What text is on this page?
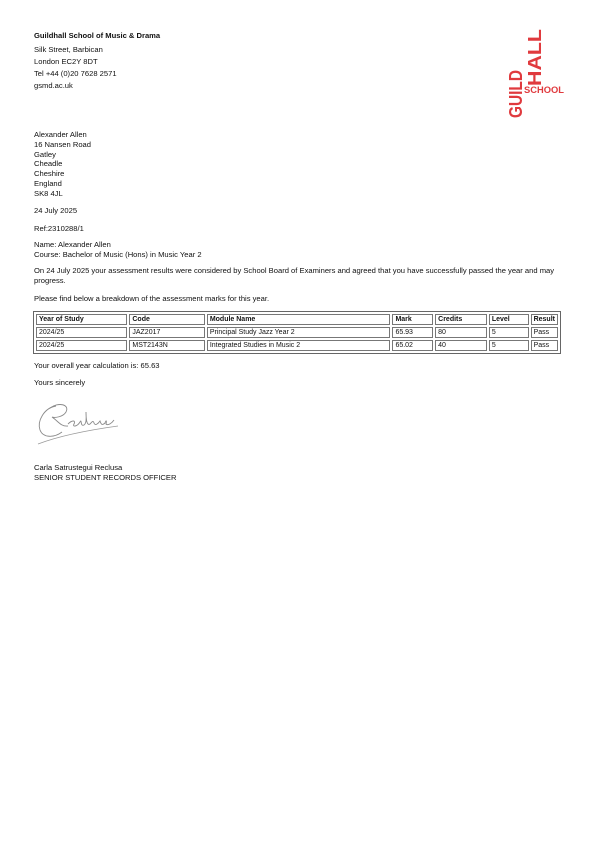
Guildhall School of Music & Drama
Silk Street, Barbican
London EC2Y 8DT
Tel +44 (0)20 7628 2571
gsmd.ac.uk	GUILD
HALL
SCHOOL
Alexander Allen
16 Nansen Road
Gatley
Cheadle
Cheshire
England
SK8 4JL
24 July 2025
Ref:2310288/1
Name: Alexander Allen
Course: Bachelor of Music (Hons) in Music Year 2
On 24 July 2025 your assessment results were considered by School Board of Examiners and agreed that you have successfully passed the year and may progress.
Please find below a breakdown of the assessment marks for this year.
Year of Study	Code	Module Name	Mark	Credits	Level	Result
2024/25	JAZ2017	Principal Study Jazz Year 2	65.93	80	5	Pass
2024/25	MST2143N	Integrated Studies in Music 2	65.02	40	5	Pass
Your overall year calculation is: 65.63
Yours sincerely
Carla Satrustegui Reclusa
SENIOR STUDENT RECORDS OFFICER
